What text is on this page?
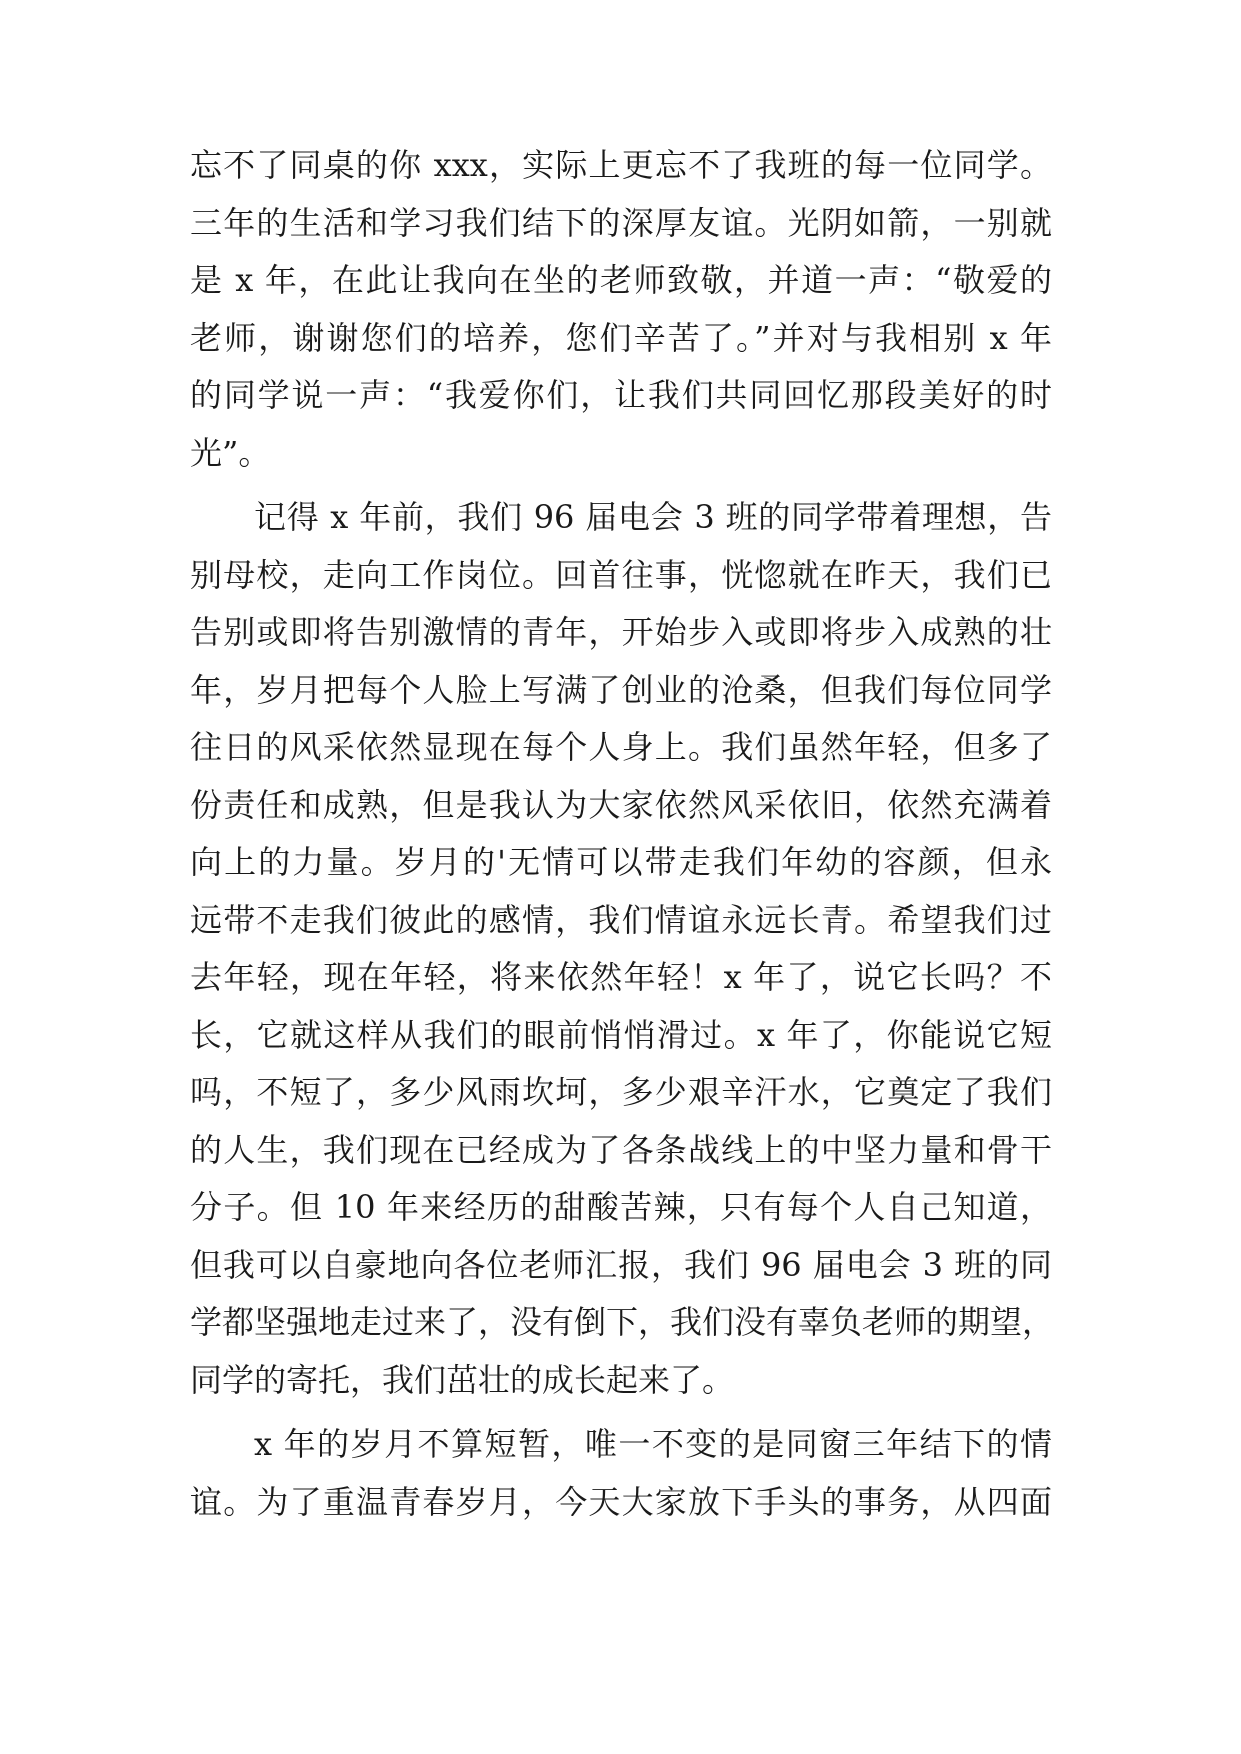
忘不了同桌的你 xxx，实际上更忘不了我班的每一位同学。
三年的生活和学习我们结下的深厚友谊。光阴如箭，一别就
是 x 年，在此让我向在坐的老师致敬，并道一声：“敬爱的
老师，谢谢您们的培养，您们辛苦了。”并对与我相别 x 年
的同学说一声：“我爱你们，让我们共同回忆那段美好的时
光”。
记得 x 年前，我们 96 届电会 3 班的同学带着理想，告
别母校，走向工作岗位。回首往事，恍惚就在昨天，我们已
告别或即将告别激情的青年，开始步入或即将步入成熟的壮
年，岁月把每个人脸上写满了创业的沧桑，但我们每位同学
往日的风采依然显现在每个人身上。我们虽然年轻，但多了
份责任和成熟，但是我认为大家依然风采依旧，依然充满着
向上的力量。岁月的'无情可以带走我们年幼的容颜，但永
远带不走我们彼此的感情，我们情谊永远长青。希望我们过
去年轻，现在年轻，将来依然年轻！x 年了，说它长吗？不
长，它就这样从我们的眼前悄悄滑过。x 年了，你能说它短
吗，不短了，多少风雨坎坷，多少艰辛汗水，它奠定了我们
的人生，我们现在已经成为了各条战线上的中坚力量和骨干
分子。但 10 年来经历的甜酸苦辣，只有每个人自己知道，
但我可以自豪地向各位老师汇报，我们 96 届电会 3 班的同
学都坚强地走过来了，没有倒下，我们没有辜负老师的期望，
同学的寄托，我们茁壮的成长起来了。
x 年的岁月不算短暂，唯一不变的是同窗三年结下的情
谊。为了重温青春岁月，今天大家放下手头的事务，从四面
